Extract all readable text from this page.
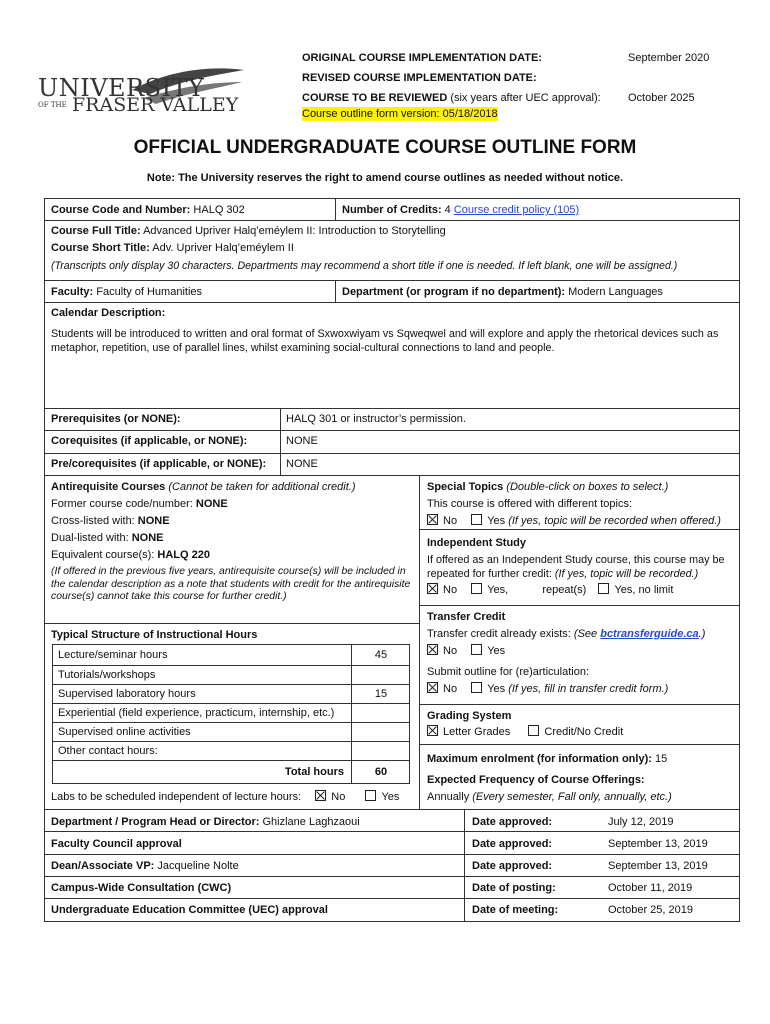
UNIVERSITY
OF THE FRASER VALLEY
ORIGINAL COURSE IMPLEMENTATION DATE:	September 2020
REVISED COURSE IMPLEMENTATION DATE:
COURSE TO BE REVIEWED (six years after UEC approval): October 2025
Course outline form version: 05/18/2018
OFFICIAL UNDERGRADUATE COURSE OUTLINE FORM
Note: The University reserves the right to amend course outlines as needed without notice.
Course Code and Number: HALQ 302	Number of Credits: 4 Course credit policy (105)
Course Full Title: Advanced Upriver Halq’eméylem II: Introduction to Storytelling
Course Short Title: Adv. Upriver Halq’eméylem II
(Transcripts only display 30 characters. Departments may recommend a short title if one is needed. If left blank, one will be assigned.)
Faculty: Faculty of Humanities	Department (or program if no department): Modern Languages
Calendar Description:
Students will be introduced to written and oral format of Sxwoxwiyam vs Sqweqwel and will explore and apply the rhetorical devices such as metaphor, repetition, use of parallel lines, whilst examining social-cultural connections to land and people.
Prerequisites (or NONE):	HALQ 301 or instructor’s permission.
Corequisites (if applicable, or NONE):	NONE
Pre/corequisites (if applicable, or NONE): NONE
Antirequisite Courses (Cannot be taken for additional credit.)
Former course code/number: NONE
Cross-listed with: NONE
Dual-listed with: NONE
Equivalent course(s): HALQ 220
(If offered in the previous five years, antirequisite course(s) will be included in the calendar description as a note that students with credit for the antirequisite course(s) cannot take this course for further credit.)
Typical Structure of Instructional Hours
Lecture/seminar hours	45
Tutorials/workshops
Supervised laboratory hours	15
Experiential (field experience, practicum, internship, etc.)
Supervised online activities
Other contact hours:
Total hours	60
Labs to be scheduled independent of lecture hours:	No	Yes
Special Topics (Double-click on boxes to select.)
This course is offered with different topics:
No	Yes (If yes, topic will be recorded when offered.)
Independent Study
If offered as an Independent Study course, this course may be repeated for further credit: (If yes, topic will be recorded.)
No	Yes,	repeat(s)	Yes, no limit
Transfer Credit
Transfer credit already exists: (See bctransferguide.ca.)
No	Yes
Submit outline for (re)articulation:
No	Yes (If yes, fill in transfer credit form.)
Grading System
Letter Grades	Credit/No Credit
Maximum enrolment (for information only): 15
Expected Frequency of Course Offerings:
Annually (Every semester, Fall only, annually, etc.)
Department / Program Head or Director: Ghizlane Laghzaoui	Date approved:	July 12, 2019
Faculty Council approval	Date approved:	September 13, 2019
Dean/Associate VP: Jacqueline Nolte	Date approved:	September 13, 2019
Campus-Wide Consultation (CWC)	Date of posting:	October 11, 2019
Undergraduate Education Committee (UEC) approval	Date of meeting:	October 25, 2019
